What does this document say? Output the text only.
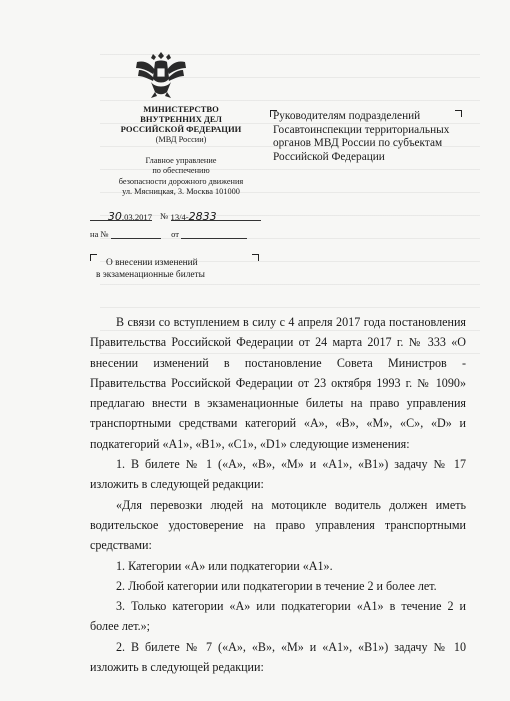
МИНИСТЕРСТВО
ВНУТРЕННИХ ДЕЛ
РОССИЙСКОЙ ФЕДЕРАЦИИ
(МВД России)
Главное управление
по обеспечению
безопасности дорожного движения
ул. Мясницкая, 3. Москва 101000
30.03.2017 № 13/4-2833
на №	от
О внесении изменений
в экзаменационные билеты
Руководителям подразделений Госавтоинспекции территориальных органов МВД России по субъектам Российской Федерации

В связи со вступлением в силу с 4 апреля 2017 года постановления Правительства Российской Федерации от 24 марта 2017 г. № 333 «О внесении изменений в постановление Совета Министров - Правительства Российской Федерации от 23 октября 1993 г. № 1090» предлагаю внести в экзаменационные билеты на право управления транспортными средствами категорий «А», «В», «М», «С», «D» и подкатегорий «А1», «В1», «С1», «D1» следующие изменения:

1. В билете № 1 («А», «В», «М» и «А1», «В1») задачу № 17 изложить в следующей редакции:

«Для перевозки людей на мотоцикле водитель должен иметь водительское удостоверение на право управления транспортными средствами:

1. Категории «А» или подкатегории «А1».

2. Любой категории или подкатегории в течение 2 и более лет.

3. Только категории «А» или подкатегории «А1» в течение 2 и более лет.»;

2. В билете № 7 («А», «В», «М» и «А1», «В1») задачу № 10 изложить в следующей редакции:
